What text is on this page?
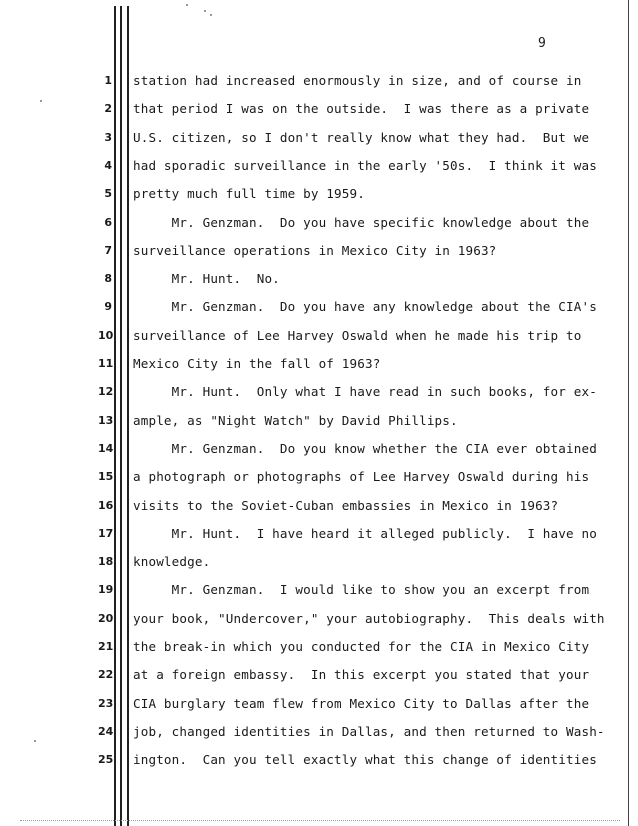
9
1 station had increased enormously in size, and of course in
2 that period I was on the outside.  I was there as a private
3 U.S. citizen, so I don't really know what they had.  But we
4 had sporadic surveillance in the early '50s.  I think it was
5 pretty much full time by 1959.
6 Mr. Genzman.  Do you have specific knowledge about the
7 surveillance operations in Mexico City in 1963?
8 Mr. Hunt.  No.
9 Mr. Genzman.  Do you have any knowledge about the CIA's
10 surveillance of Lee Harvey Oswald when he made his trip to
11 Mexico City in the fall of 1963?
12 Mr. Hunt.  Only what I have read in such books, for ex-
13 ample, as "Night Watch" by David Phillips.
14 Mr. Genzman.  Do you know whether the CIA ever obtained
15 a photograph or photographs of Lee Harvey Oswald during his
16 visits to the Soviet-Cuban embassies in Mexico in 1963?
17 Mr. Hunt.  I have heard it alleged publicly.  I have no
18 knowledge.
19 Mr. Genzman.  I would like to show you an excerpt from
20 your book, "Undercover," your autobiography.  This deals with
21 the break-in which you conducted for the CIA in Mexico City
22 at a foreign embassy.  In this excerpt you stated that your
23 CIA burglary team flew from Mexico City to Dallas after the
24 job, changed identities in Dallas, and then returned to Wash-
25 ington.  Can you tell exactly what this change of identities
